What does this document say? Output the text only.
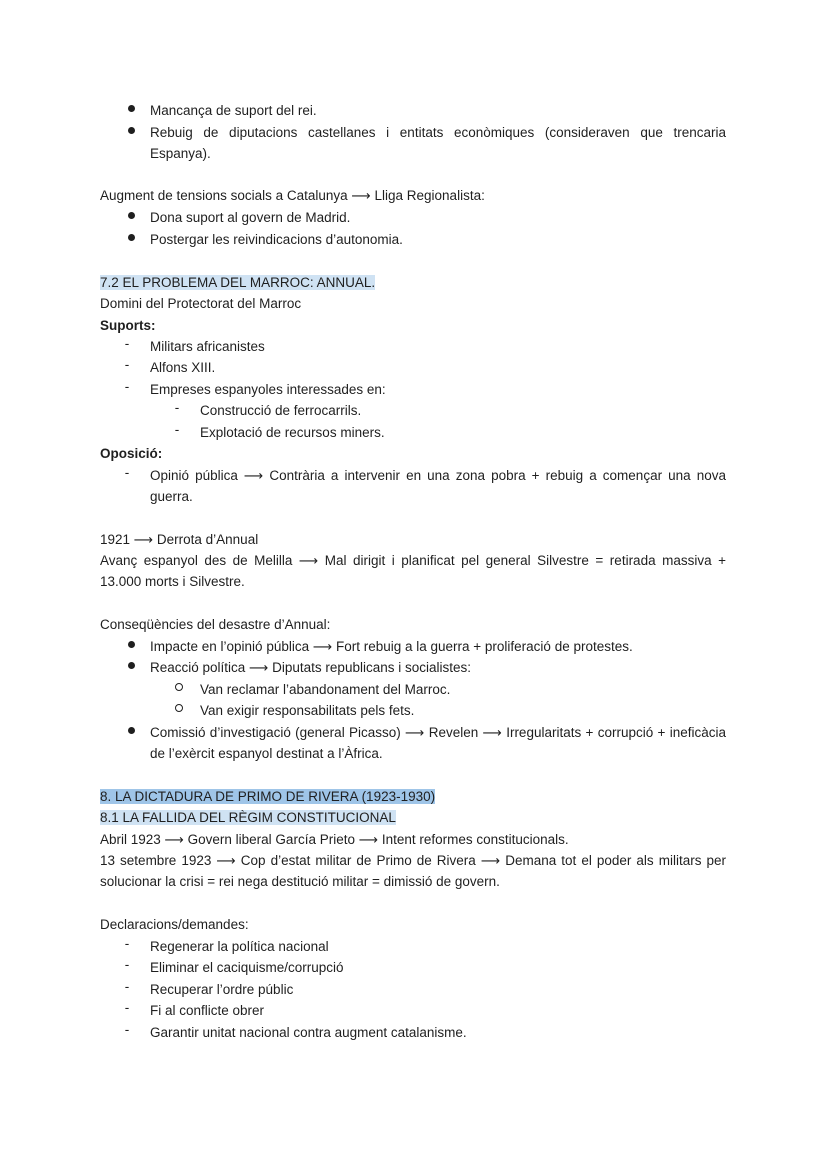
Mancança de suport del rei.
Rebuig de diputacions castellanes i entitats econòmiques (consideraven que trencaria Espanya).
Augment de tensions socials a Catalunya ⟶ Lliga Regionalista:
Dona suport al govern de Madrid.
Postergar les reivindicacions d’autonomia.
7.2 EL PROBLEMA DEL MARROC: ANNUAL.
Domini del Protectorat del Marroc
Suports:
-	Militars africanistes
-	Alfons XIII.
-	Empreses espanyoles interessades en:
-	Construcció de ferrocarrils.
-	Explotació de recursos miners.
Oposició:
-	Opinió pública ⟶ Contrària a intervenir en una zona pobra + rebuig a començar una nova guerra.
1921 ⟶ Derrota d’Annual
Avanç espanyol des de Melilla ⟶ Mal dirigit i planificat pel general Silvestre = retirada massiva + 13.000 morts i Silvestre.
Conseqüències del desastre d’Annual:
Impacte en l’opinió pública ⟶ Fort rebuig a la guerra + proliferació de protestes.
Reacció política ⟶ Diputats republicans i socialistes:
Van reclamar l’abandonament del Marroc.
Van exigir responsabilitats pels fets.
Comissió d’investigació (general Picasso) ⟶ Revelen ⟶ Irregularitats + corrupció + ineficàcia de l’exèrcit espanyol destinat a l’Àfrica.
8. LA DICTADURA DE PRIMO DE RIVERA (1923-1930)
8.1 LA FALLIDA DEL RÈGIM CONSTITUCIONAL
Abril 1923 ⟶ Govern liberal García Prieto ⟶ Intent reformes constitucionals.
13 setembre 1923 ⟶ Cop d’estat militar de Primo de Rivera ⟶ Demana tot el poder als militars per solucionar la crisi = rei nega destitució militar = dimissió de govern.
Declaracions/demandes:
-	Regenerar la política nacional
-	Eliminar el caciquisme/corrupció
-	Recuperar l’ordre públic
-	Fi al conflicte obrer
-	Garantir unitat nacional contra augment catalanisme.
